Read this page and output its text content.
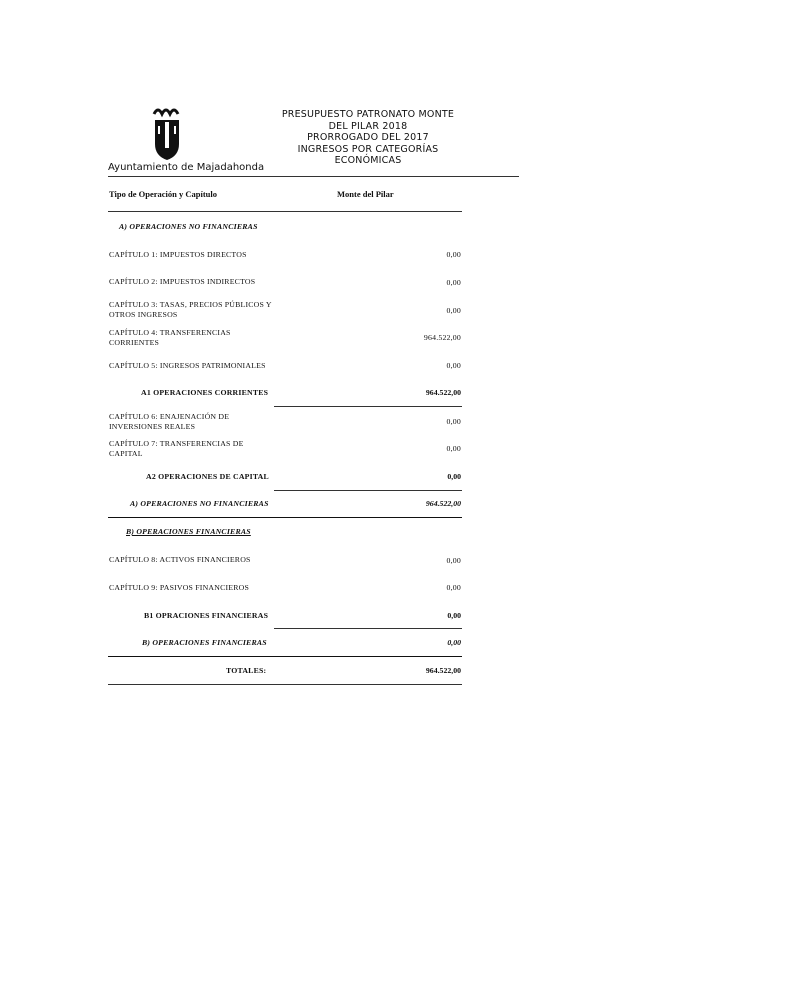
Ayuntamiento de Majadahonda
PRESUPUESTO PATRONATO MONTE
DEL PILAR 2018
PRORROGADO DEL 2017
INGRESOS POR CATEGORÍAS
ECONÓMICAS
Tipo de Operación y Capítulo	Monte del Pilar
A) OPERACIONES NO FINANCIERAS
CAPÍTULO 1: IMPUESTOS DIRECTOS	0,00
CAPÍTULO 2: IMPUESTOS INDIRECTOS	0,00
CAPÍTULO 3: TASAS, PRECIOS PÚBLICOS Y OTROS INGRESOS	0,00
CAPÍTULO 4: TRANSFERENCIAS CORRIENTES	964.522,00
CAPÍTULO 5: INGRESOS PATRIMONIALES	0,00
A1 OPERACIONES CORRIENTES	964.522,00
CAPÍTULO 6: ENAJENACIÓN DE INVERSIONES REALES	0,00
CAPÍTULO 7: TRANSFERENCIAS DE CAPITAL	0,00
A2 OPERACIONES DE CAPITAL	0,00
A) OPERACIONES NO FINANCIERAS	964.522,00
B) OPERACIONES FINANCIERAS
CAPÍTULO 8: ACTIVOS FINANCIEROS	0,00
CAPÍTULO 9: PASIVOS FINANCIEROS	0,00
B1 OPRACIONES FINANCIERAS	0,00
B) OPERACIONES FINANCIERAS	0,00
TOTALES:	964.522,00
